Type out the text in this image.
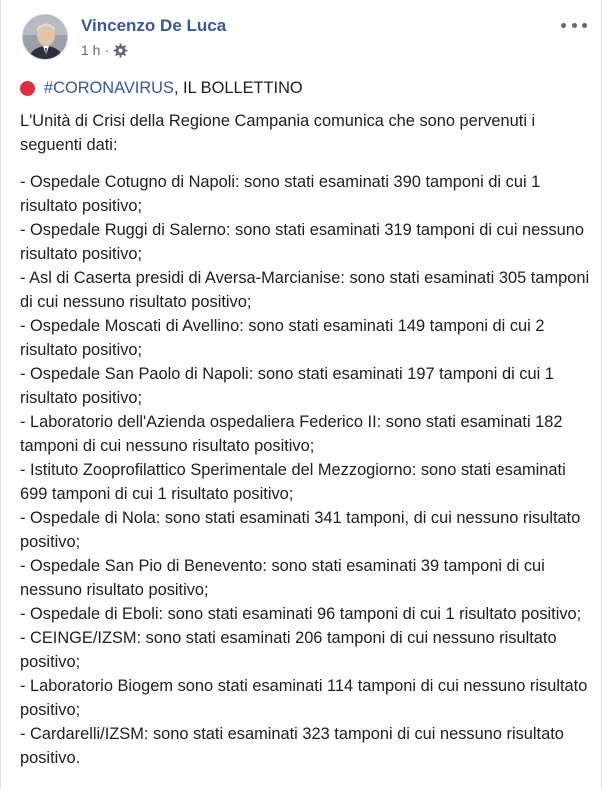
Vincenzo De Luca
1 h ·
#CORONAVIRUS , IL BOLLETTINO

L'Unità di Crisi della Regione Campania comunica che sono pervenuti i seguenti dati:

- Ospedale Cotugno di Napoli: sono stati esaminati 390 tamponi di cui 1 risultato positivo;
- Ospedale Ruggi di Salerno: sono stati esaminati 319 tamponi di cui nessuno risultato positivo;
- Asl di Caserta presidi di Aversa-Marcianise: sono stati esaminati 305 tamponi di cui nessuno risultato positivo;
- Ospedale Moscati di Avellino: sono stati esaminati 149 tamponi di cui 2 risultato positivo;
- Ospedale San Paolo di Napoli: sono stati esaminati 197 tamponi di cui 1 risultato positivo;
- Laboratorio dell'Azienda ospedaliera Federico II: sono stati esaminati 182 tamponi di cui nessuno risultato positivo;
- Istituto Zooprofilattico Sperimentale del Mezzogiorno: sono stati esaminati 699 tamponi di cui 1 risultato positivo;
- Ospedale di Nola: sono stati esaminati 341 tamponi, di cui nessuno risultato positivo;
- Ospedale San Pio di Benevento: sono stati esaminati 39 tamponi di cui nessuno risultato positivo;
- Ospedale di Eboli: sono stati esaminati 96 tamponi di cui 1 risultato positivo;
- CEINGE/IZSM: sono stati esaminati 206 tamponi di cui nessuno risultato positivo;
- Laboratorio Biogem sono stati esaminati 114 tamponi di cui nessuno risultato positivo;
- Cardarelli/IZSM: sono stati esaminati 323 tamponi di cui nessuno risultato positivo.
